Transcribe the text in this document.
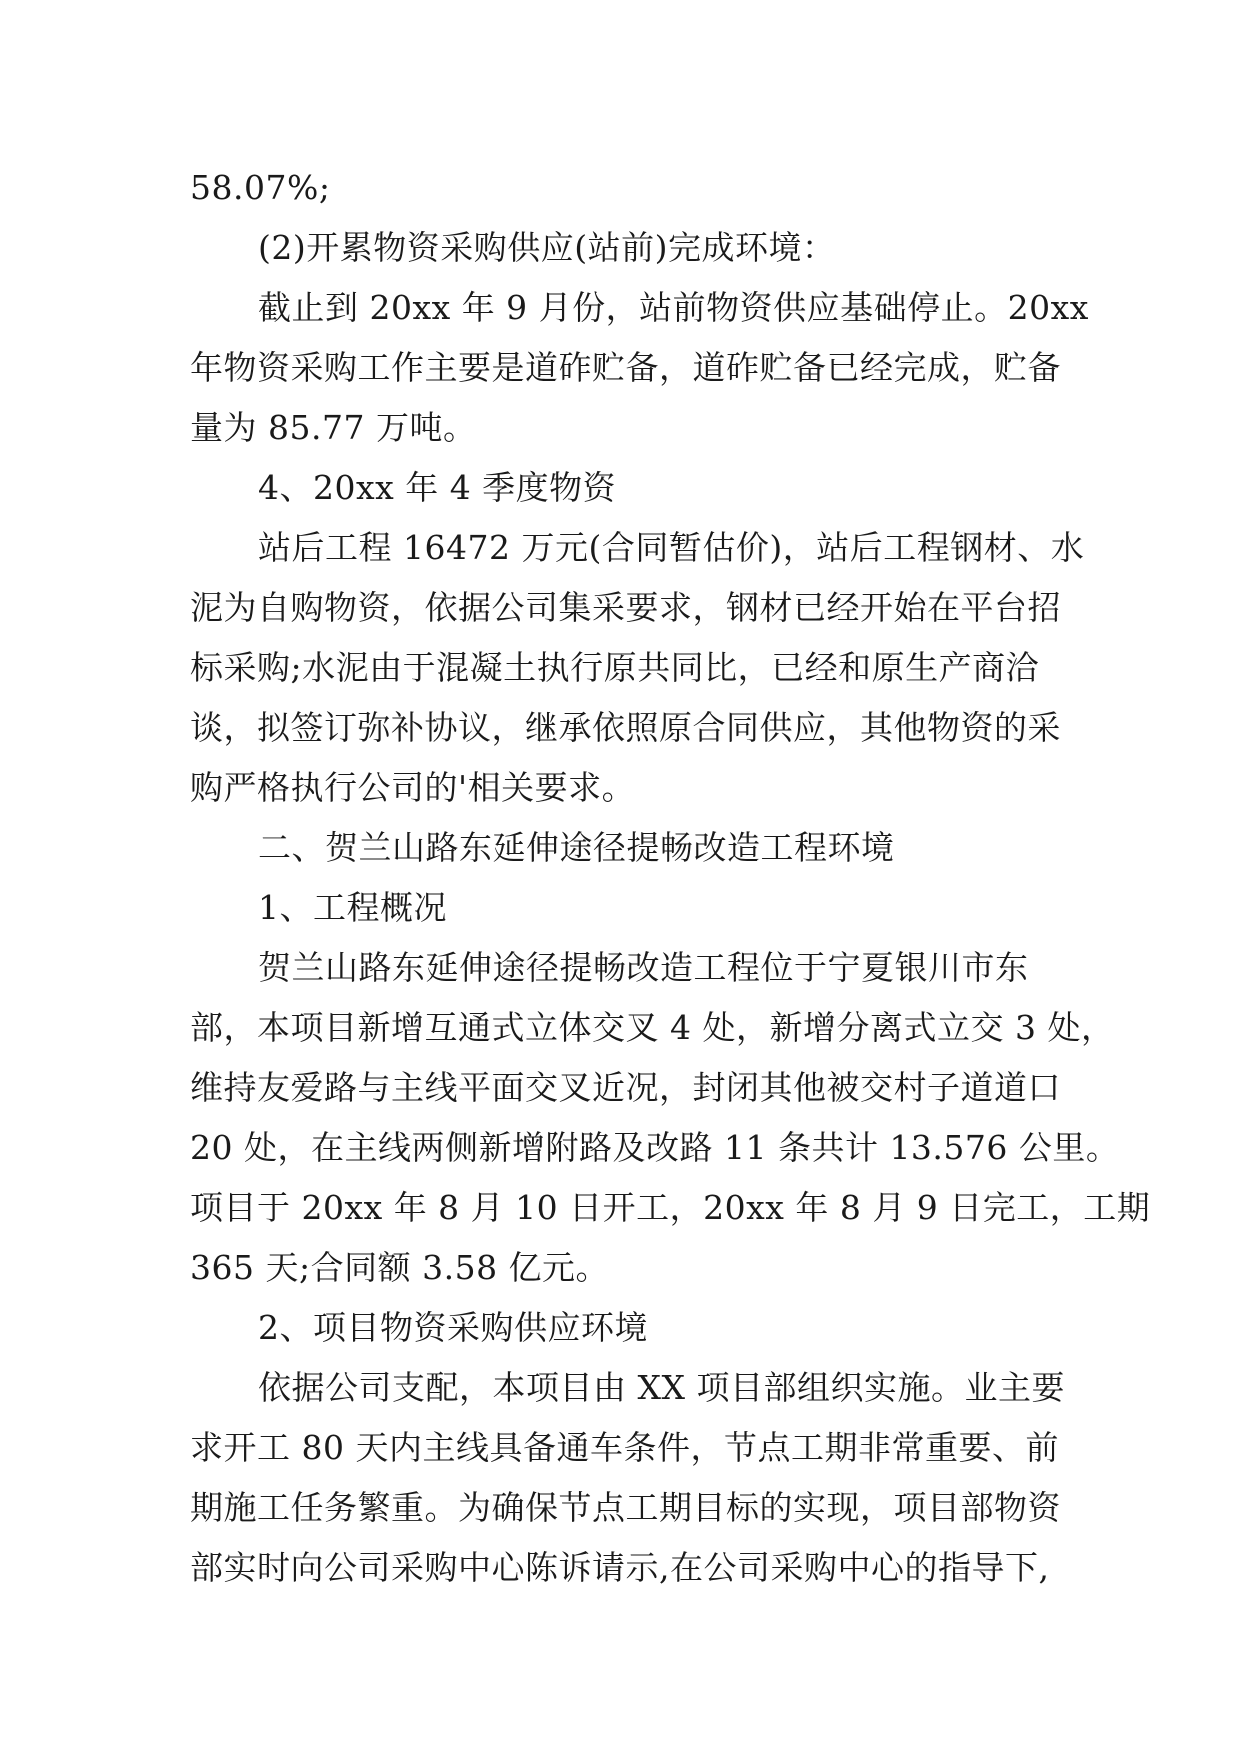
58.07%;
(2)开累物资采购供应(站前)完成环境：
截止到 20xx 年 9 月份，站前物资供应基础停止。20xx
年物资采购工作主要是道砟贮备，道砟贮备已经完成，贮备
量为 85.77 万吨。
4、20xx 年 4 季度物资
站后工程 16472 万元(合同暂估价)，站后工程钢材、水
泥为自购物资，依据公司集采要求，钢材已经开始在平台招
标采购;水泥由于混凝土执行原共同比，已经和原生产商洽
谈，拟签订弥补协议，继承依照原合同供应，其他物资的采
购严格执行公司的'相关要求。
二、贺兰山路东延伸途径提畅改造工程环境
1、工程概况
贺兰山路东延伸途径提畅改造工程位于宁夏银川市东
部，本项目新增互通式立体交叉 4 处，新增分离式立交 3 处，
维持友爱路与主线平面交叉近况，封闭其他被交村子道道口
20 处，在主线两侧新增附路及改路 11 条共计 13.576 公里。
项目于 20xx 年 8 月 10 日开工，20xx 年 8 月 9 日完工，工期
365 天;合同额 3.58 亿元。
2、项目物资采购供应环境
依据公司支配，本项目由 XX 项目部组织实施。业主要
求开工 80 天内主线具备通车条件，节点工期非常重要、前
期施工任务繁重。为确保节点工期目标的实现，项目部物资
部实时向公司采购中心陈诉请示,在公司采购中心的指导下,
